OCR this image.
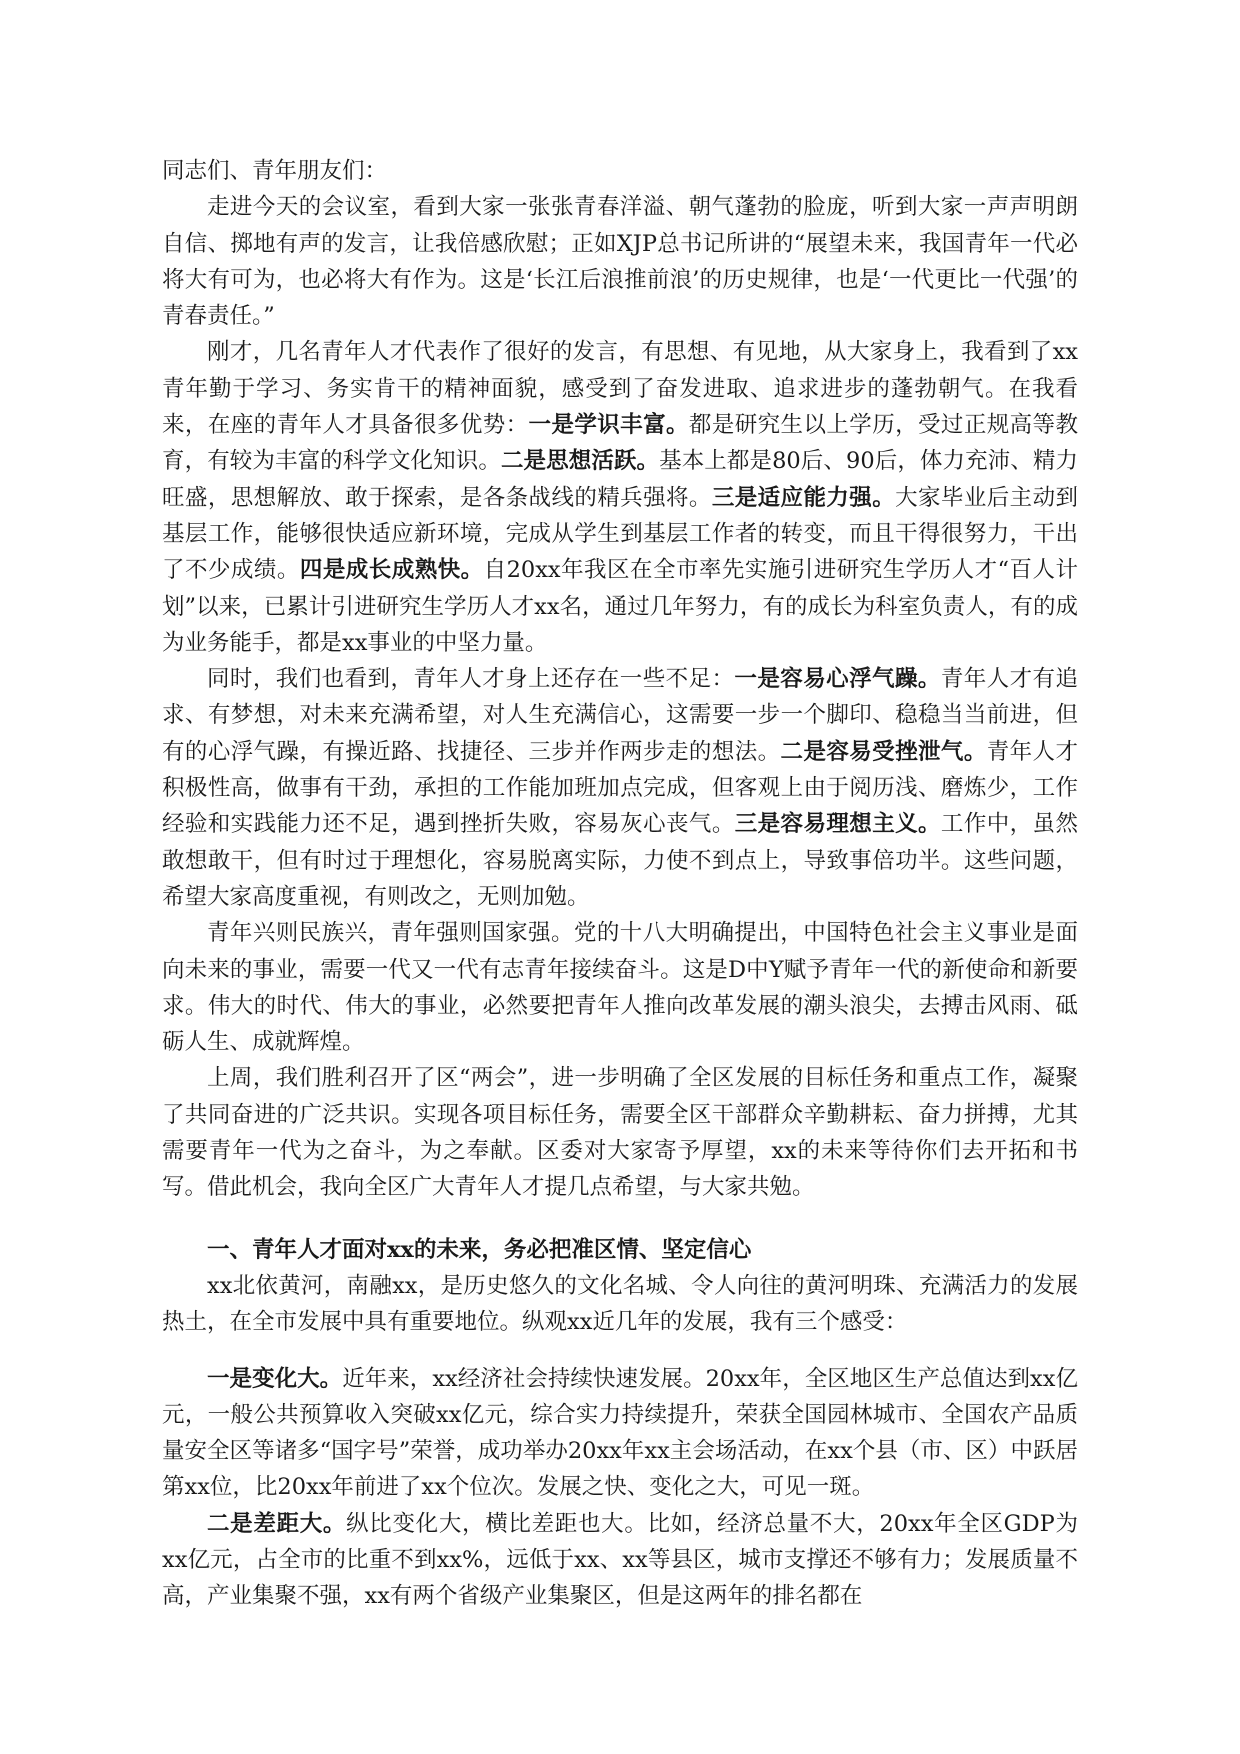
同志们、青年朋友们：

走进今天的会议室，看到大家一张张青春洋溢、朝气蓬勃的脸庞，听到大家一声声明朗自信、掷地有声的发言，让我倍感欣慰；正如XJP总书记所讲的“展望未来，我国青年一代必将大有可为，也必将大有作为。这是‘长江后浪推前浪’的历史规律，也是‘一代更比一代强’的青春责任。”

刚才，几名青年人才代表作了很好的发言，有思想、有见地，从大家身上，我看到了xx青年勤于学习、务实肯干的精神面貌，感受到了奋发进取、追求进步的蓬勃朝气。在我看来，在座的青年人才具备很多优势：一是学识丰富。都是研究生以上学历，受过正规高等教育，有较为丰富的科学文化知识。二是思想活跃。基本上都是80后、90后，体力充沛、精力旺盛，思想解放、敢于探索，是各条战线的精兵强将。三是适应能力强。大家毕业后主动到基层工作，能够很快适应新环境，完成从学生到基层工作者的转变，而且干得很努力，干出了不少成绩。四是成长成熟快。自20xx年我区在全市率先实施引进研究生学历人才“百人计划”以来，已累计引进研究生学历人才xx名，通过几年努力，有的成长为科室负责人，有的成为业务能手，都是xx事业的中坚力量。

同时，我们也看到，青年人才身上还存在一些不足：一是容易心浮气躁。青年人才有追求、有梦想，对未来充满希望，对人生充满信心，这需要一步一个脚印、稳稳当当前进，但有的心浮气躁，有操近路、找捷径、三步并作两步走的想法。二是容易受挫泄气。青年人才积极性高，做事有干劲，承担的工作能加班加点完成，但客观上由于阅历浅、磨炼少，工作经验和实践能力还不足，遇到挫折失败，容易灰心丧气。三是容易理想主义。工作中，虽然敢想敢干，但有时过于理想化，容易脱离实际，力使不到点上，导致事倍功半。这些问题，希望大家高度重视，有则改之，无则加勉。

青年兴则民族兴，青年强则国家强。党的十八大明确提出，中国特色社会主义事业是面向未来的事业，需要一代又一代有志青年接续奋斗。这是D中Y赋予青年一代的新使命和新要求。伟大的时代、伟大的事业，必然要把青年人推向改革发展的潮头浪尖，去搏击风雨、砥砺人生、成就辉煌。

上周，我们胜利召开了区“两会”，进一步明确了全区发展的目标任务和重点工作，凝聚了共同奋进的广泛共识。实现各项目标任务，需要全区干部群众辛勤耕耘、奋力拼搏，尤其需要青年一代为之奋斗，为之奉献。区委对大家寄予厚望，xx的未来等待你们去开拓和书写。借此机会，我向全区广大青年人才提几点希望，与大家共勉。

一、青年人才面对xx的未来，务必把准区情、坚定信心

xx北依黄河，南融xx，是历史悠久的文化名城、令人向往的黄河明珠、充满活力的发展热土，在全市发展中具有重要地位。纵观xx近几年的发展，我有三个感受：

一是变化大。近年来，xx经济社会持续快速发展。20xx年，全区地区生产总值达到xx亿元，一般公共预算收入突破xx亿元，综合实力持续提升，荣获全国园林城市、全国农产品质量安全区等诸多“国字号”荣誉，成功举办20xx年xx主会场活动，在xx个县（市、区）中跃居第xx位，比20xx年前进了xx个位次。发展之快、变化之大，可见一斑。

二是差距大。纵比变化大，横比差距也大。比如，经济总量不大，20xx年全区GDP为xx亿元，占全市的比重不到xx%，远低于xx、xx等县区，城市支撑还不够有力；发展质量不高，产业集聚不强，xx有两个省级产业集聚区，但是这两年的排名都在
